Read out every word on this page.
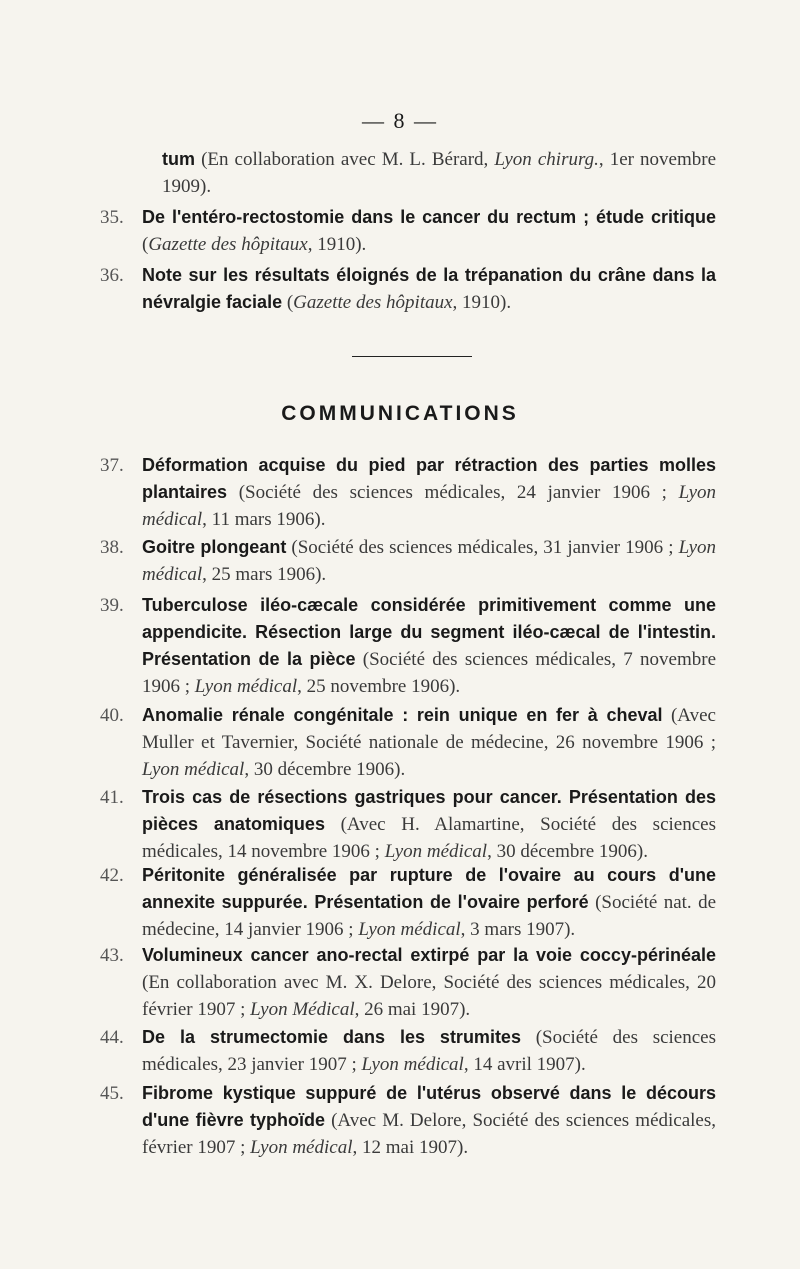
— 8 —
tum (En collaboration avec M. L. Bérard, Lyon chirurg., 1er novembre 1909).
35.	De l'entéro-rectostomie dans le cancer du rectum ; étude critique (Gazette des hôpitaux, 1910).
36.	Note sur les résultats éloignés de la trépanation du crâne dans la névralgie faciale (Gazette des hôpitaux, 1910).
COMMUNICATIONS
37.	Déformation acquise du pied par rétraction des parties molles plantaires (Société des sciences médicales, 24 janvier 1906 ; Lyon médical, 11 mars 1906).
38.	Goitre plongeant (Société des sciences médicales, 31 janvier 1906 ; Lyon médical, 25 mars 1906).
39.	Tuberculose iléo-cæcale considérée primitivement comme une appendicite. Résection large du segment iléo-cæcal de l'intestin. Présentation de la pièce (Société des sciences médicales, 7 novembre 1906 ; Lyon médical, 25 novembre 1906).
40.	Anomalie rénale congénitale : rein unique en fer à cheval (Avec Muller et Tavernier, Société nationale de médecine, 26 novembre 1906 ; Lyon médical, 30 décembre 1906).
41.	Trois cas de résections gastriques pour cancer. Présentation des pièces anatomiques (Avec H. Alamartine, Société des sciences médicales, 14 novembre 1906 ; Lyon médical, 30 décembre 1906).
42.	Péritonite généralisée par rupture de l'ovaire au cours d'une annexite suppurée. Présentation de l'ovaire perforé (Société nat. de médecine, 14 janvier 1906 ; Lyon médical, 3 mars 1907).
43.	Volumineux cancer ano-rectal extirpé par la voie coccy-périnéale (En collaboration avec M. X. Delore, Société des sciences médicales, 20 février 1907 ; Lyon Médical, 26 mai 1907).
44.	De la strumectomie dans les strumites (Société des sciences médicales, 23 janvier 1907 ; Lyon médical, 14 avril 1907).
45.	Fibrome kystique suppuré de l'utérus observé dans le décours d'une fièvre typhoïde (Avec M. Delore, Société des sciences médicales, février 1907 ; Lyon médical, 12 mai 1907).
